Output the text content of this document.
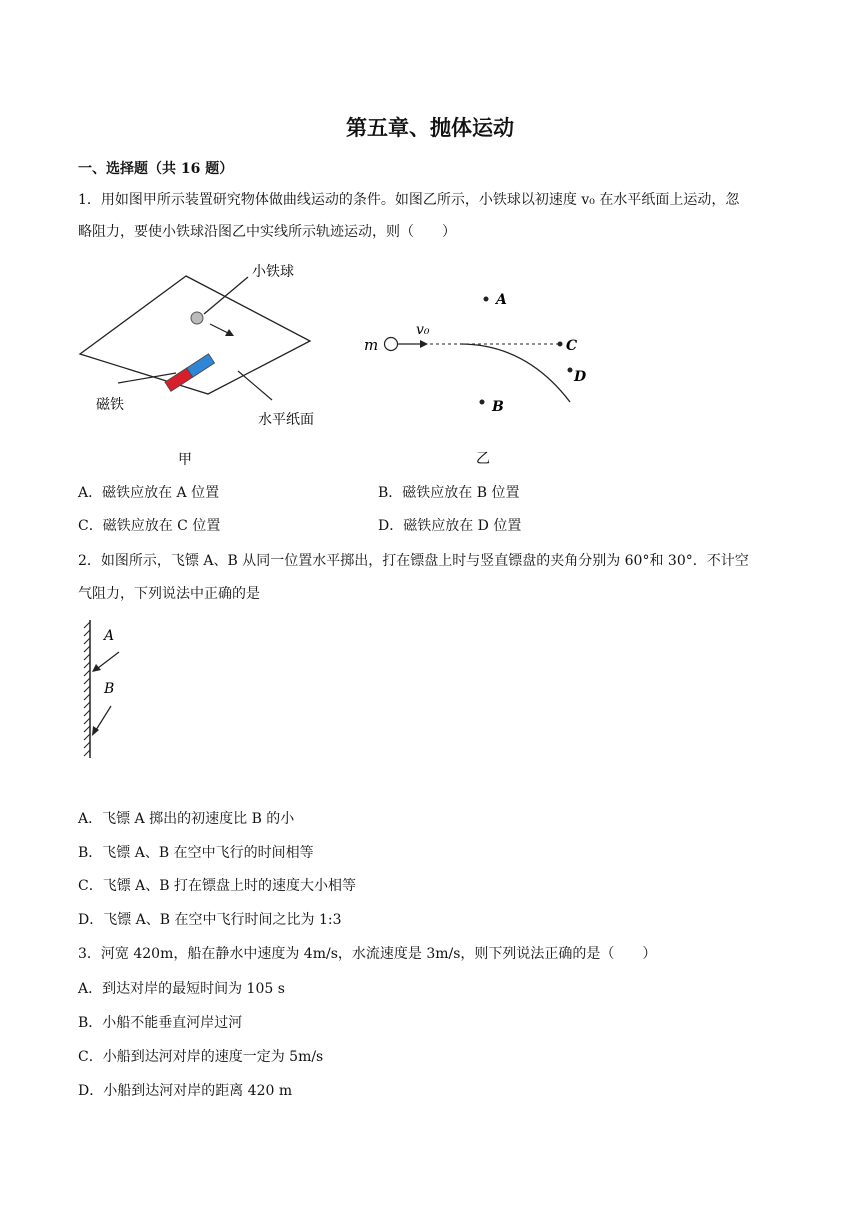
第五章、抛体运动
一、选择题（共 16 题）
1．用如图甲所示装置研究物体做曲线运动的条件。如图乙所示，小铁球以初速度 v₀ 在水平纸面上运动，忽
略阻力，要使小铁球沿图乙中实线所示轨迹运动，则（　　）
小铁球
磁铁
水平纸面
甲
m
v₀
A
C
D
B
乙
A．磁铁应放在 A 位置	B．磁铁应放在 B 位置
C．磁铁应放在 C 位置	D．磁铁应放在 D 位置
2．如图所示，飞镖 A、B 从同一位置水平掷出，打在镖盘上时与竖直镖盘的夹角分别为 60°和 30°．不计空
气阻力，下列说法中正确的是
A
B
A．飞镖 A 掷出的初速度比 B 的小
B．飞镖 A、B 在空中飞行的时间相等
C．飞镖 A、B 打在镖盘上时的速度大小相等
D．飞镖 A、B 在空中飞行时间之比为 1:3
3．河宽 420m，船在静水中速度为 4m/s，水流速度是 3m/s，则下列说法正确的是（　　）
A．到达对岸的最短时间为 105 s
B．小船不能垂直河岸过河
C．小船到达河对岸的速度一定为 5m/s
D．小船到达河对岸的距离 420 m
